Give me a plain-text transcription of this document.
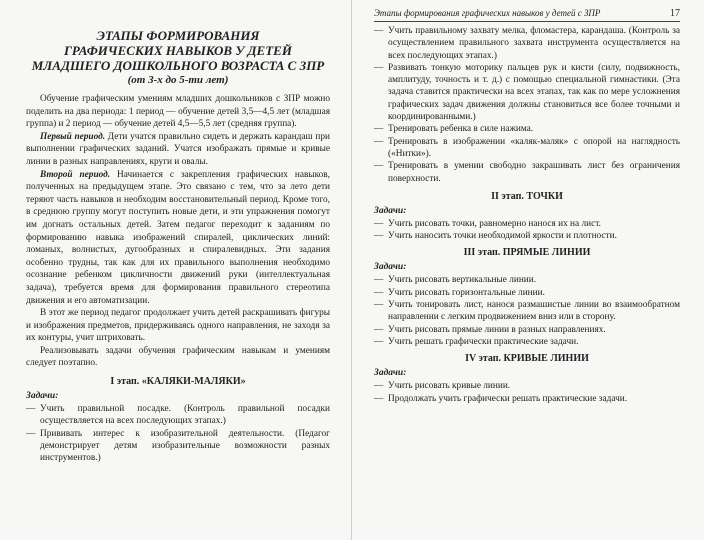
ЭТАПЫ ФОРМИРОВАНИЯ
ГРАФИЧЕСКИХ НАВЫКОВ У ДЕТЕЙ
МЛАДШЕГО ДОШКОЛЬНОГО ВОЗРАСТА С ЗПР
(от 3-х до 5-ти лет)

Обучение графическим умениям младших дошкольников с ЗПР можно поделить на два периода: 1 период — обучение детей 3,5—4,5 лет (младшая группа) и 2 период — обучение детей 4,5—5,5 лет (средняя группа).

Первый период. Дети учатся правильно сидеть и держать карандаш при выполнении графических заданий. Учатся изображать прямые и кривые линии в разных направлениях, круги и овалы.

Второй период. Начинается с закрепления графических навыков, полученных на предыдущем этапе. Это связано с тем, что за лето дети теряют часть навыков и необходим восстановительный период. Кроме того, в среднюю группу могут поступить новые дети, и эти упражнения помогут им догнать остальных детей. Затем педагог переходит к заданиям по формированию навыка изображений спиралей, циклических линий: ломаных, волнистых, дугообразных и спиралевидных. Эти задания особенно трудны, так как для их правильного выполнения необходимо осознание ребенком цикличности движений руки (интеллектуальная задача), требуется время для формирования правильного стереотипа движения и его автоматизации.

В этот же период педагог продолжает учить детей раскрашивать фигуры и изображения предметов, придерживаясь одного направления, не заходя за их контуры, учит штриховать.

Реализовывать задачи обучения графическим навыкам и умениям следует поэтапно.

I этап. «КАЛЯКИ-МАЛЯКИ»
Задачи:
— Учить правильной посадке. (Контроль правильной посадки осуществляется на всех последующих этапах.)
— Прививать интерес к изобразительной деятельности. (Педагог демонстрирует детям изобразительные возможности разных инструментов.)
Этапы формирования графических навыков у детей с ЗПР	17
— Учить правильному захвату мелка, фломастера, карандаша. (Контроль за осуществлением правильного захвата инструмента осуществляется на всех последующих этапах.)
— Развивать тонкую моторику пальцев рук и кисти (силу, подвижность, амплитуду, точность и т. д.) с помощью специальной гимнастики. (Эта задача ставится практически на всех этапах, так как по мере усложнения графических задач движения должны становиться все более точными и координированными.)
— Тренировать ребенка в силе нажима.
— Тренировать в изображении «каляк-маляк» с опорой на наглядность («Нитки»).
— Тренировать в умении свободно закрашивать лист без ограничения поверхности.
II этап. ТОЧКИ
Задачи:
— Учить рисовать точки, равномерно нанося их на лист.
— Учить наносить точки необходимой яркости и плотности.
III этап. ПРЯМЫЕ ЛИНИИ
Задачи:
— Учить рисовать вертикальные линии.
— Учить рисовать горизонтальные линии.
— Учить тонировать лист, нанося размашистые линии во взаимообратном направлении с легким продвижением вниз или в сторону.
— Учить рисовать прямые линии в разных направлениях.
— Учить решать графически практические задачи.
IV этап. КРИВЫЕ ЛИНИИ
Задачи:
— Учить рисовать кривые линии.
— Продолжать учить графически решать практические задачи.
